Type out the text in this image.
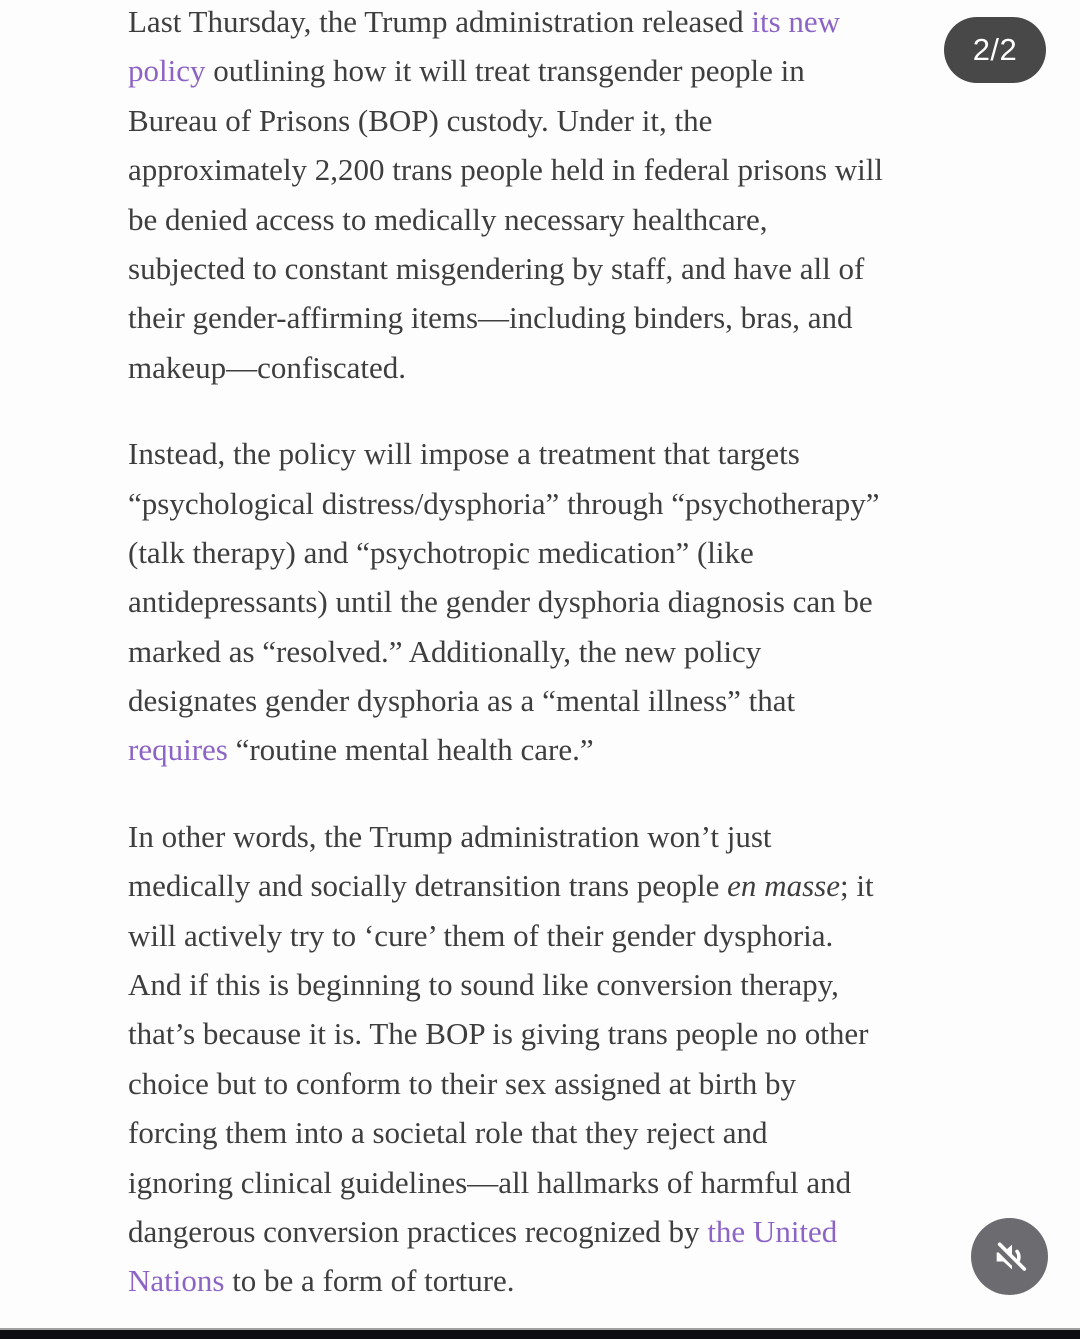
Last Thursday, the Trump administration released its new
policy outlining how it will treat transgender people in
Bureau of Prisons (BOP) custody. Under it, the
approximately 2,200 trans people held in federal prisons will
be denied access to medically necessary healthcare,
subjected to constant misgendering by staff, and have all of
their gender-affirming items—including binders, bras, and
makeup—confiscated.
Instead, the policy will impose a treatment that targets
“psychological distress/dysphoria” through “psychotherapy”
(talk therapy) and “psychotropic medication” (like
antidepressants) until the gender dysphoria diagnosis can be
marked as “resolved.” Additionally, the new policy
designates gender dysphoria as a “mental illness” that
requires “routine mental health care.”
In other words, the Trump administration won’t just
medically and socially detransition trans people en masse; it
will actively try to ‘cure’ them of their gender dysphoria.
And if this is beginning to sound like conversion therapy,
that’s because it is. The BOP is giving trans people no other
choice but to conform to their sex assigned at birth by
forcing them into a societal role that they reject and
ignoring clinical guidelines—all hallmarks of harmful and
dangerous conversion practices recognized by the United
Nations to be a form of torture.
2/2
